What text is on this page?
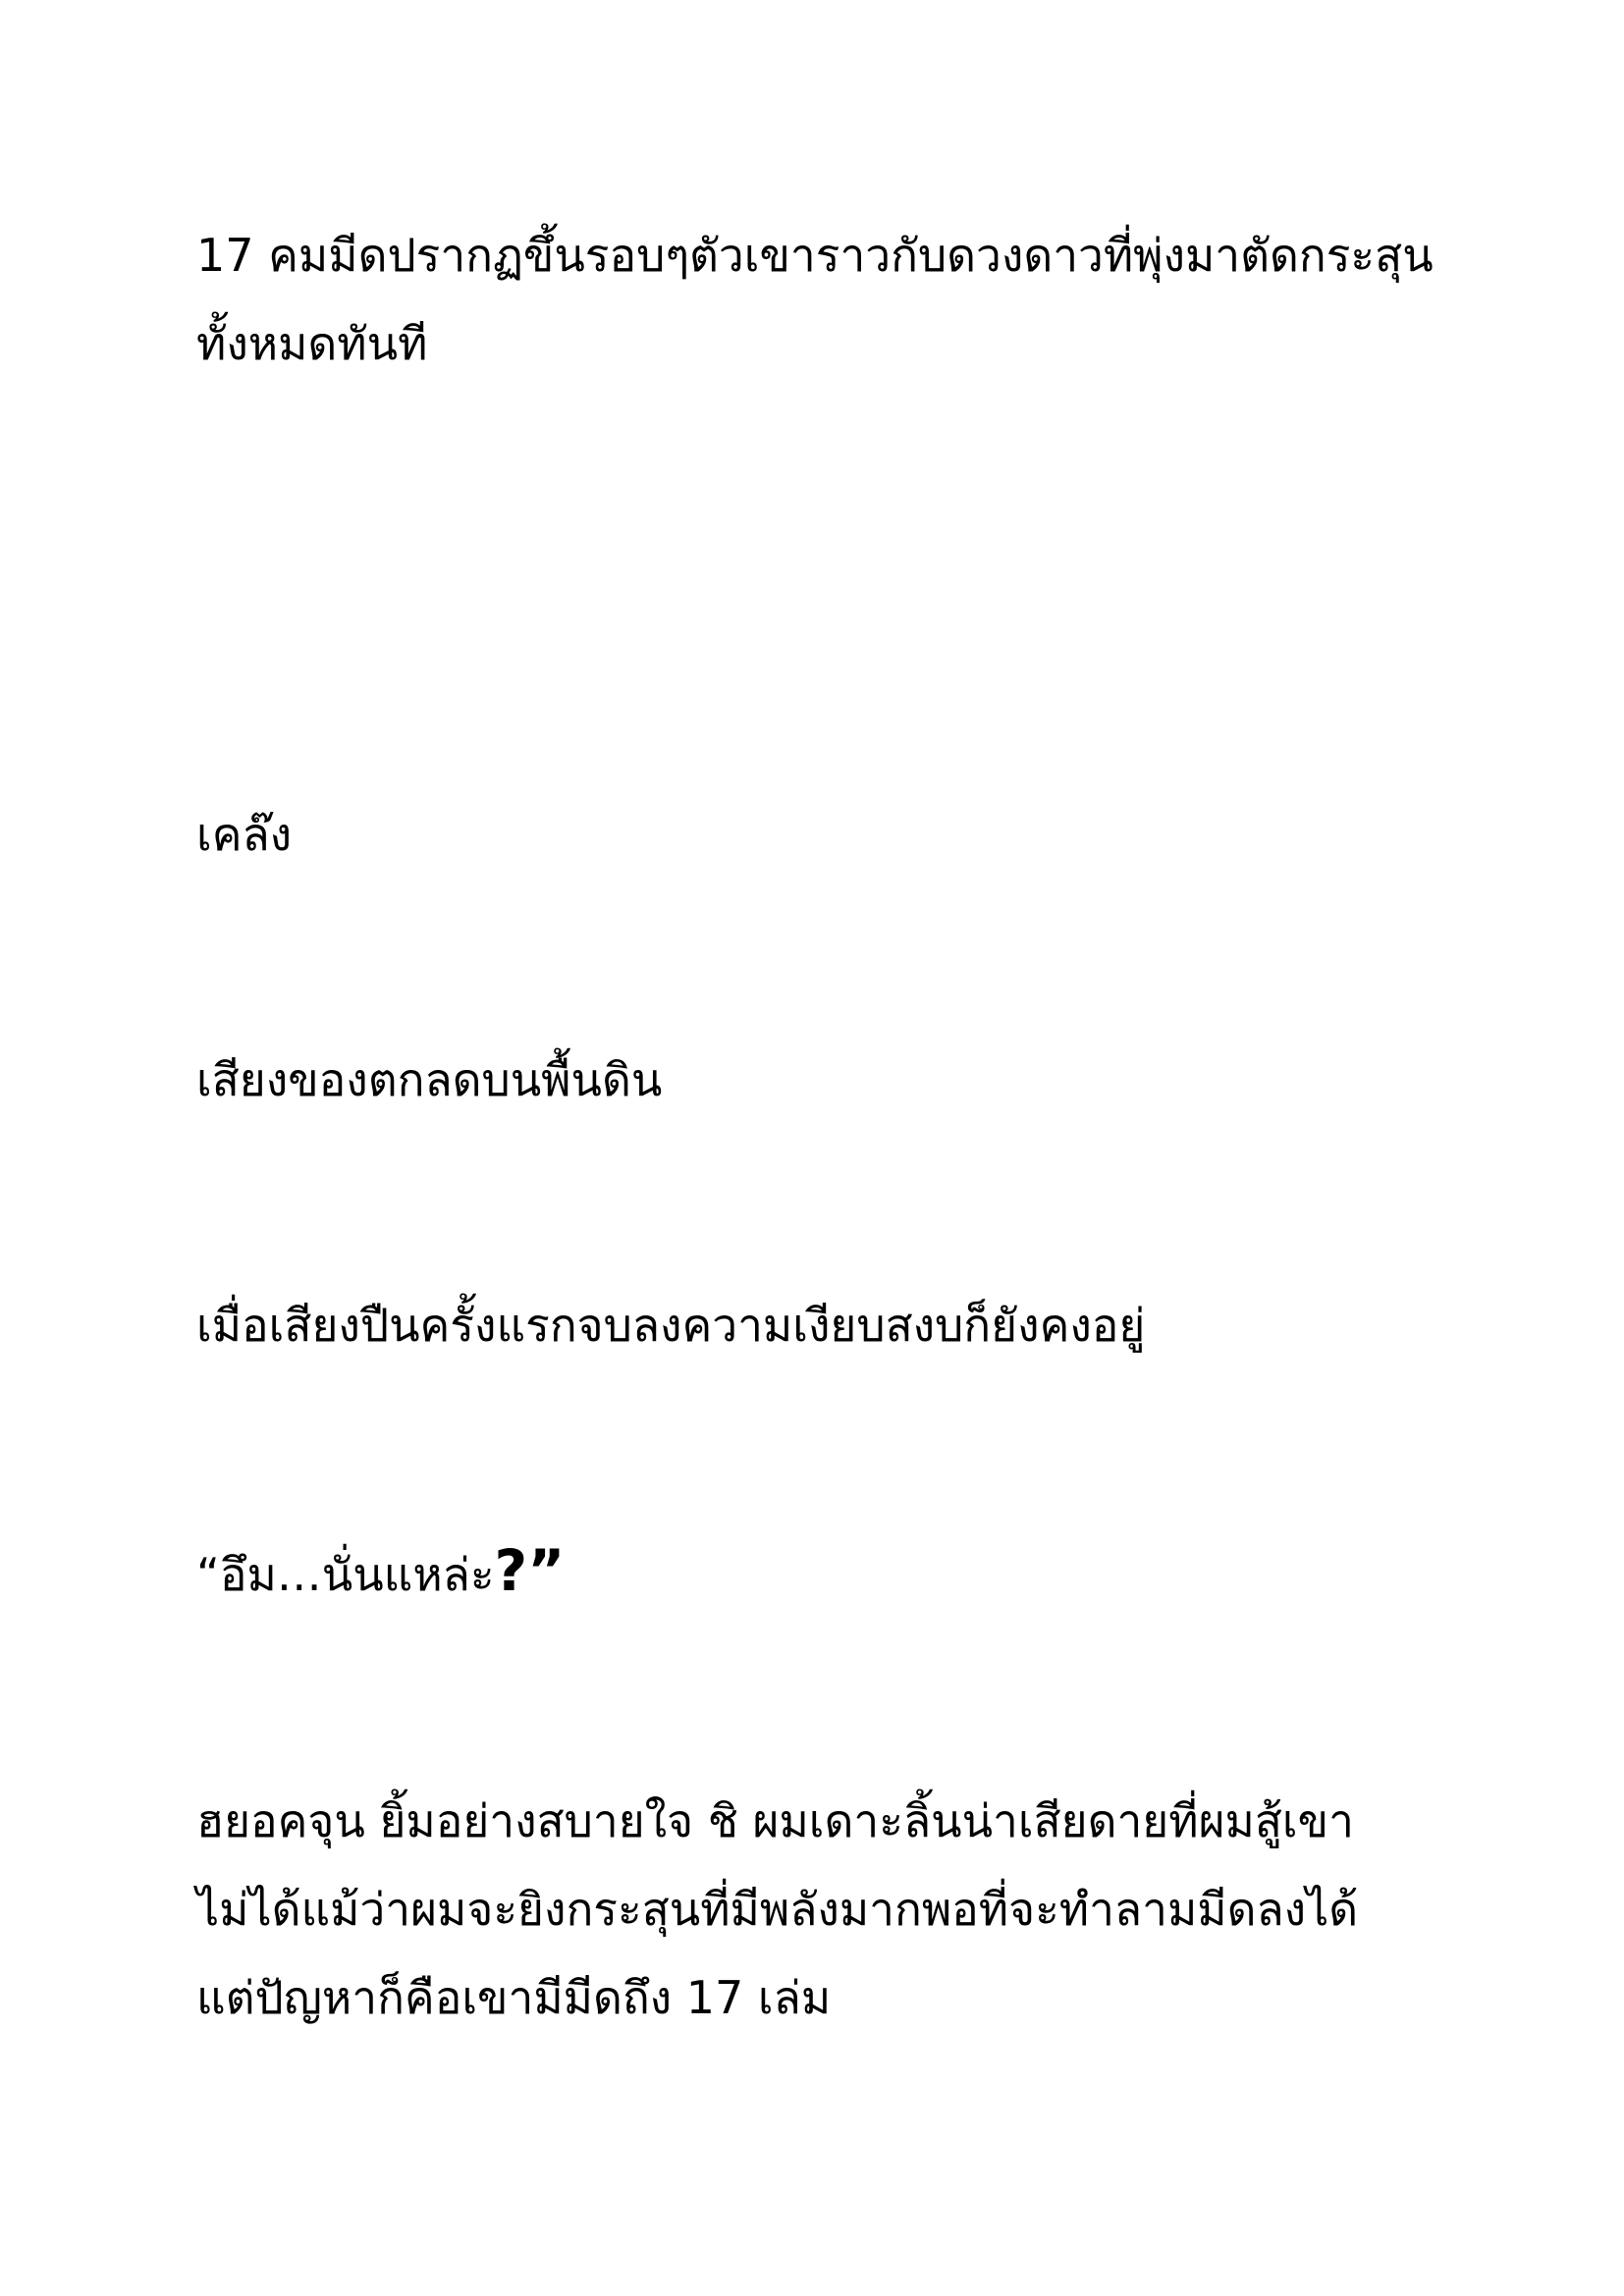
17 คมมีดปรากฏขึ้นรอบๆตัวเขาราวกับดวงดาวที่พุ่งมาตัดกระสุน
ทั้งหมดทันที

เคล๊ง

เสียงของตกลดบนพื้นดิน

เมื่อเสียงปืนครั้งแรกจบลงความเงียบสงบก็ยังคงอยู่

“อึม…นั่นแหล่ะ?”

ฮยอคจุน ยิ้มอย่างสบายใจ ชิ ผมเดาะลิ้นน่าเสียดายที่ผมสู้เขา
ไม่ได้แม้ว่าผมจะยิงกระสุนที่มีพลังมากพอที่จะทำลามมีดลงได้
แต่ปัญหาก็คือเขามีมีดถึง 17 เล่ม
